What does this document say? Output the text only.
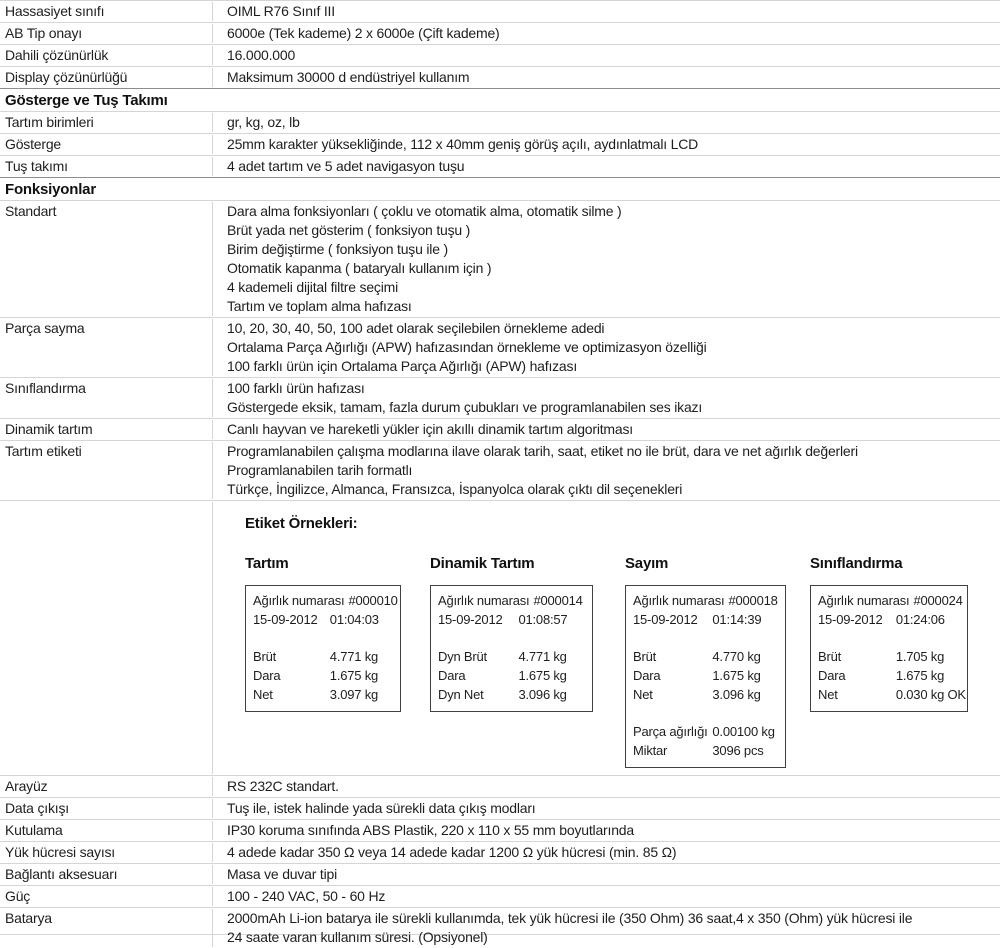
Hassasiyet sınıfı	OIML R76 Sınıf III
AB Tip onayı	6000e (Tek kademe) 2 x 6000e (Çift kademe)
Dahili çözünürlük	16.000.000
Display çözünürlüğü	Maksimum 30000 d endüstriyel kullanım
Gösterge ve Tuş Takımı
Tartım birimleri	gr, kg, oz, lb
Gösterge	25mm karakter yüksekliğinde, 112 x 40mm geniş görüş açılı, aydınlatmalı LCD
Tuş takımı	4 adet tartım ve 5 adet navigasyon tuşu
Fonksiyonlar
Standart	Dara alma fonksiyonları ( çoklu ve otomatik alma, otomatik silme )
Brüt yada net gösterim ( fonksiyon tuşu )
Birim değiştirme ( fonksiyon tuşu ile )
Otomatik kapanma ( bataryalı kullanım için )
4 kademeli dijital filtre seçimi
Tartım ve toplam alma hafızası
Parça sayma	10, 20, 30, 40, 50, 100 adet olarak seçilebilen örnekleme adedi
Ortalama Parça Ağırlığı (APW) hafızasından örnekleme ve optimizasyon özelliği
100 farklı ürün için Ortalama Parça Ağırlığı (APW) hafızası
Sınıflandırma	100 farklı ürün hafızası
Göstergede eksik, tamam, fazla durum çubukları ve programlanabilen ses ikazı
Dinamik tartım	Canlı hayvan ve hareketli yükler için akıllı dinamik tartım algoritması
Tartım etiketi	Programlanabilen çalışma modlarına ilave olarak tarih, saat, etiket no ile brüt, dara ve net ağırlık değerleri
Programlanabilen tarih formatlı
Türkçe, İngilizce, Almanca, Fransızca, İspanyolca olarak çıktı dil seçenekleri
Etiket Örnekleri:
Tartım
Ağırlık numarası #000010
15-09-2012 01:04:03
Brüt	4.771 kg
Dara	1.675 kg
Net	3.097 kg
Dinamik Tartım
Ağırlık numarası #000014
15-09-2012	01:08:57
Dyn Brüt	4.771 kg
Dara	1.675 kg
Dyn Net	3.096 kg
Sayım
Ağırlık numarası #000018
15-09-2012	01:14:39
Brüt	4.770 kg
Dara	1.675 kg
Net	3.096 kg
Parça ağırlığı 0.00100 kg
Miktar	3096 pcs
Sınıflandırma
Ağırlık numarası #000024
15-09-2012	01:24:06
Brüt	1.705 kg
Dara	1.675 kg
Net	0.030 kg OK
Arayüz	RS 232C standart.
Data çıkışı	Tuş ile, istek halinde yada sürekli data çıkış modları
Kutulama	IP30 koruma sınıfında ABS Plastik, 220 x 110 x 55 mm boyutlarında
Yük hücresi sayısı	4 adede kadar 350 Ω veya 14 adede kadar 1200 Ω yük hücresi (min. 85 Ω)
Bağlantı aksesuarı	Masa ve duvar tipi
Güç	100 - 240 VAC, 50 - 60 Hz
Batarya	2000mAh Li-ion batarya ile sürekli kullanımda, tek yük hücresi ile (350 Ohm) 36 saat,4 x 350 (Ohm) yük hücresi ile
24 saate varan kullanım süresi. (Opsiyonel)
